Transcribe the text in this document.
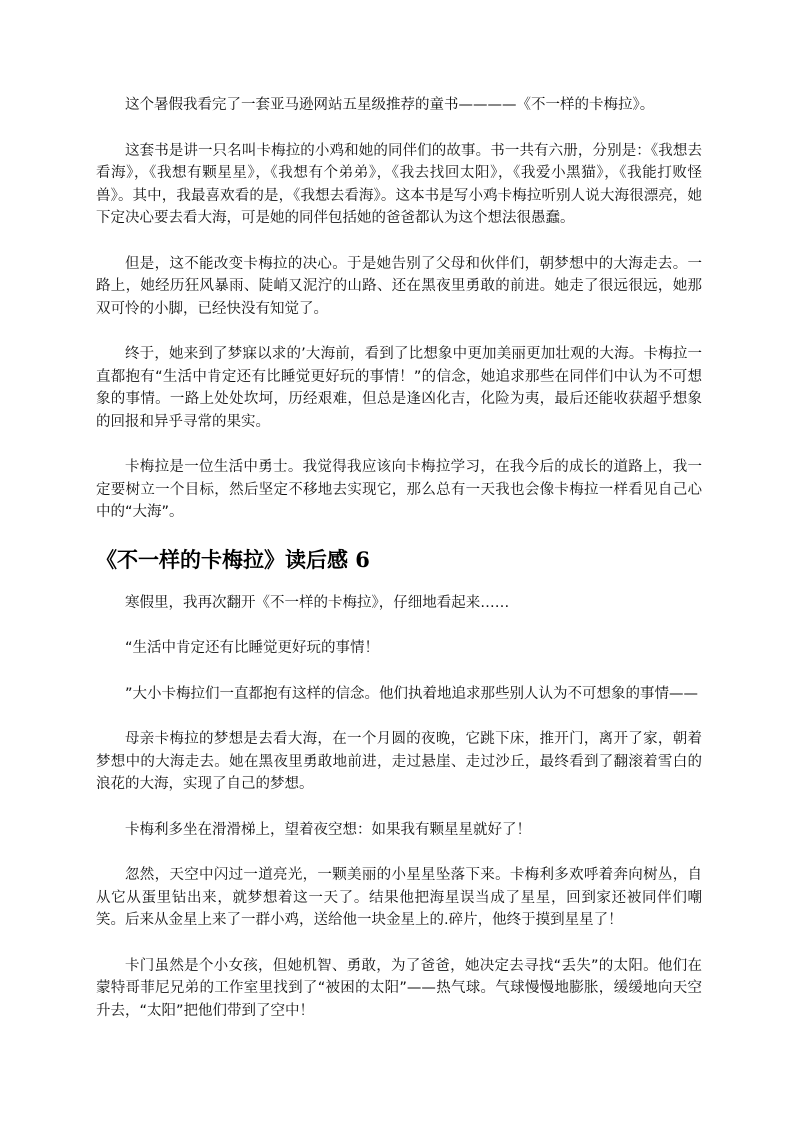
这个暑假我看完了一套亚马逊网站五星级推荐的童书————《不一样的卡梅拉》。

这套书是讲一只名叫卡梅拉的小鸡和她的同伴们的故事。书一共有六册，分别是：《我想去看海》，《我想有颗星星》，《我想有个弟弟》，《我去找回太阳》，《我爱小黑猫》，《我能打败怪兽》。其中，我最喜欢看的是，《我想去看海》。这本书是写小鸡卡梅拉听别人说大海很漂亮，她下定决心要去看大海，可是她的同伴包括她的爸爸都认为这个想法很愚蠢。

但是，这不能改变卡梅拉的决心。于是她告别了父母和伙伴们，朝梦想中的大海走去。一路上，她经历狂风暴雨、陡峭又泥泞的山路、还在黑夜里勇敢的前进。她走了很远很远，她那双可怜的小脚，已经快没有知觉了。

终于，她来到了梦寐以求的’大海前，看到了比想象中更加美丽更加壮观的大海。卡梅拉一直都抱有“生活中肯定还有比睡觉更好玩的事情！”的信念，她追求那些在同伴们中认为不可想象的事情。一路上处处坎坷，历经艰难，但总是逢凶化吉，化险为夷，最后还能收获超乎想象的回报和异乎寻常的果实。

卡梅拉是一位生活中勇士。我觉得我应该向卡梅拉学习，在我今后的成长的道路上，我一定要树立一个目标，然后坚定不移地去实现它，那么总有一天我也会像卡梅拉一样看见自己心中的“大海”。

《不一样的卡梅拉》读后感 6

寒假里，我再次翻开《不一样的卡梅拉》，仔细地看起来……

“生活中肯定还有比睡觉更好玩的事情！

”大小卡梅拉们一直都抱有这样的信念。他们执着地追求那些别人认为不可想象的事情——

母亲卡梅拉的梦想是去看大海，在一个月圆的夜晚，它跳下床，推开门，离开了家，朝着梦想中的大海走去。她在黑夜里勇敢地前进，走过悬崖、走过沙丘，最终看到了翻滚着雪白的浪花的大海，实现了自己的梦想。

卡梅利多坐在滑滑梯上，望着夜空想：如果我有颗星星就好了！

忽然，天空中闪过一道亮光，一颗美丽的小星星坠落下来。卡梅利多欢呼着奔向树丛，自从它从蛋里钻出来，就梦想着这一天了。结果他把海星误当成了星星，回到家还被同伴们嘲笑。后来从金星上来了一群小鸡，送给他一块金星上的.碎片，他终于摸到星星了！

卡门虽然是个小女孩，但她机智、勇敢，为了爸爸，她决定去寻找“丢失”的太阳。他们在蒙特哥菲尼兄弟的工作室里找到了“被困的太阳”——热气球。气球慢慢地膨胀，缓缓地向天空升去，“太阳”把他们带到了空中！
